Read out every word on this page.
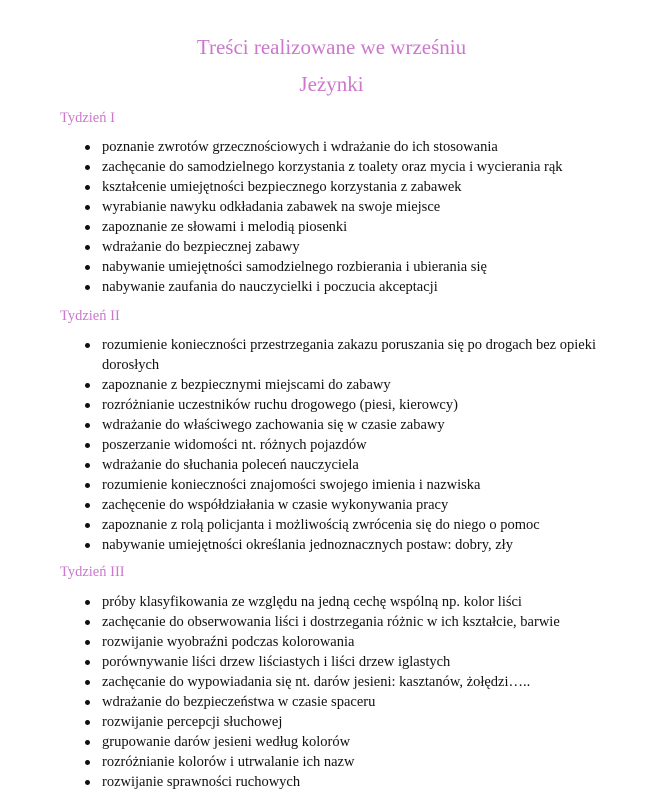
Treści realizowane we wrześniu
Jeżynki
Tydzień I
poznanie zwrotów grzecznościowych i wdrażanie do ich stosowania
zachęcanie do samodzielnego korzystania z toalety oraz mycia i wycierania rąk
kształcenie umiejętności bezpiecznego korzystania z zabawek
wyrabianie nawyku odkładania zabawek na swoje miejsce
zapoznanie ze słowami i melodią piosenki
wdrażanie do bezpiecznej zabawy
nabywanie umiejętności samodzielnego rozbierania i ubierania się
nabywanie zaufania do nauczycielki i poczucia akceptacji
Tydzień II
rozumienie konieczności przestrzegania zakazu poruszania się po drogach bez opieki dorosłych
zapoznanie z bezpiecznymi miejscami do zabawy
rozróżnianie uczestników ruchu drogowego (piesi, kierowcy)
wdrażanie do właściwego zachowania się w czasie zabawy
poszerzanie widomości nt. różnych pojazdów
wdrażanie do słuchania poleceń nauczyciela
rozumienie konieczności znajomości swojego imienia i nazwiska
zachęcenie do współdziałania w czasie wykonywania pracy
zapoznanie z rolą policjanta i możliwością zwrócenia się do niego o pomoc
nabywanie umiejętności określania jednoznacznych postaw: dobry, zły
Tydzień III
próby klasyfikowania ze względu na jedną cechę wspólną np. kolor liści
zachęcanie do obserwowania liści i dostrzegania różnic w ich kształcie, barwie
rozwijanie wyobraźni podczas kolorowania
porównywanie liści drzew liściastych i liści drzew iglastych
zachęcanie do wypowiadania się nt. darów jesieni: kasztanów, żołędzi…..
wdrażanie do bezpieczeństwa w czasie spaceru
rozwijanie percepcji słuchowej
grupowanie darów jesieni według kolorów
rozróżnianie kolorów i utrwalanie ich nazw
rozwijanie sprawności ruchowych
